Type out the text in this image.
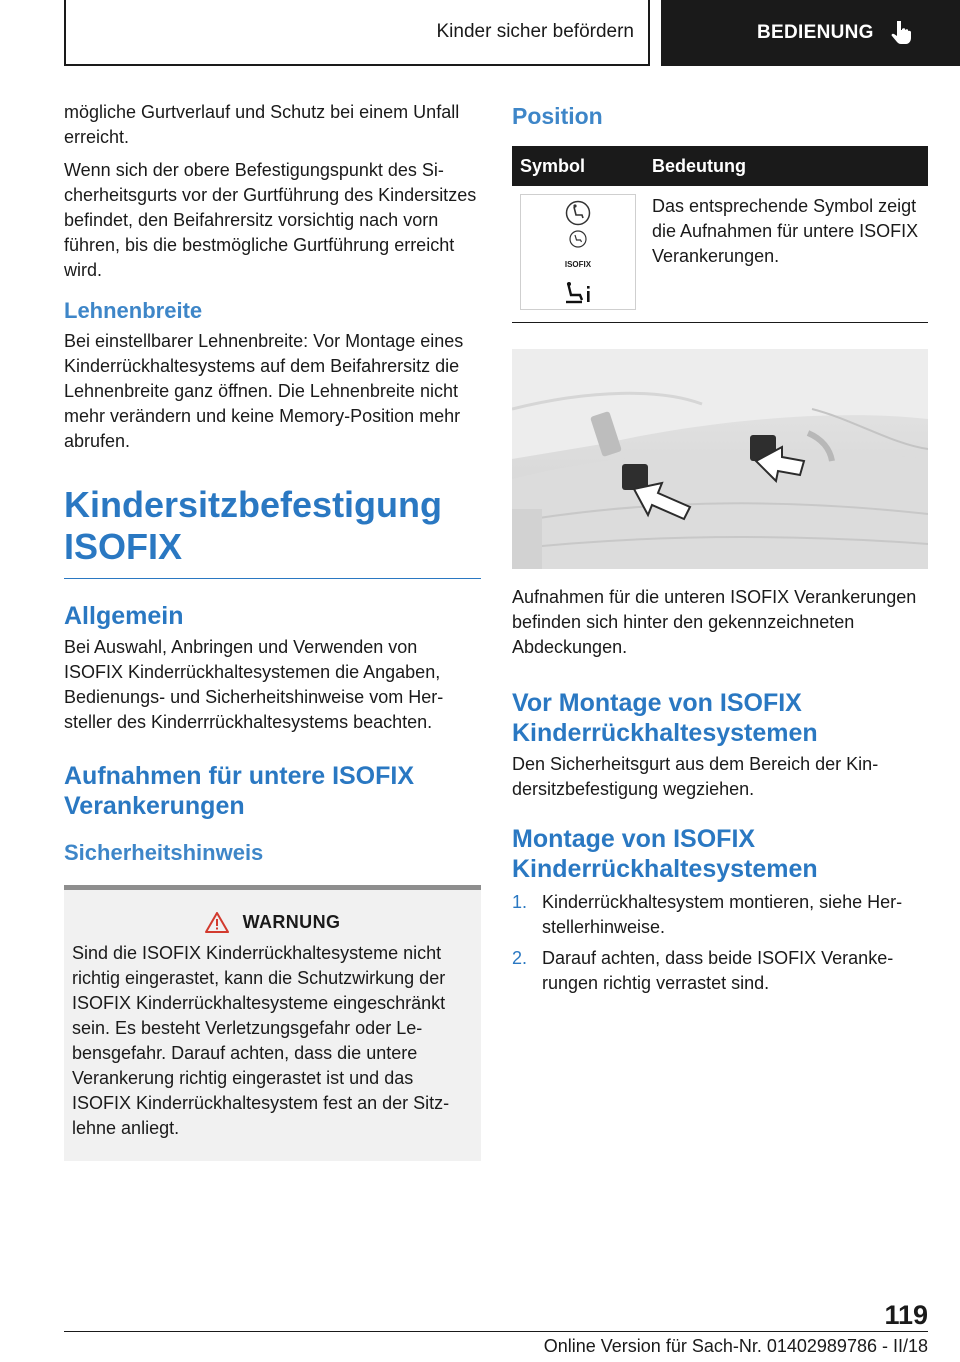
Kinder sicher befördern	BEDIENUNG

mögliche Gurtverlauf und Schutz bei einem Unfall erreicht.

Wenn sich der obere Befestigungspunkt des Sicherheitsgurts vor der Gurtführung des Kindersitzes befindet, den Beifahrersitz vorsichtig nach vorn führen, bis die bestmögliche Gurtführung erreicht wird.

Lehnenbreite

Bei einstellbarer Lehnenbreite: Vor Montage eines Kinderrückhaltesystems auf dem Beifahrersitz die Lehnenbreite ganz öffnen. Die Lehnenbreite nicht mehr verändern und keine Memory-Position mehr abrufen.

Kindersitzbefestigung ISOFIX
Allgemein

Bei Auswahl, Anbringen und Verwenden von ISOFIX Kinderrückhaltesystemen die Angaben, Bedienungs- und Sicherheitshinweise vom Hersteller des Kinderrrückhaltesystems beachten.

Aufnahmen für untere ISOFIX Verankerungen
Sicherheitshinweis
WARNUNG

Sind die ISOFIX Kinderrückhaltesysteme nicht richtig eingerastet, kann die Schutzwirkung der ISOFIX Kinderrückhaltesysteme eingeschränkt sein. Es besteht Verletzungsgefahr oder Lebensgefahr. Darauf achten, dass die untere Verankerung richtig eingerastet ist und das ISOFIX Kinderrückhaltesystem fest an der Sitzlehne anliegt.

Position
Symbol	Bedeutung

ISOFIX	Das entsprechende Symbol zeigt die Aufnahmen für untere ISOFIX Verankerungen.

Aufnahmen für die unteren ISOFIX Verankerungen befinden sich hinter den gekennzeichneten Abdeckungen.

Vor Montage von ISOFIX Kinderrückhaltesystemen

Den Sicherheitsgurt aus dem Bereich der Kindersitzbefestigung wegziehen.

Montage von ISOFIX Kinderrückhaltesystemen
1. Kinderrückhaltesystem montieren, siehe Herstellerhinweise.
2. Darauf achten, dass beide ISOFIX Verankerungen richtig verrastet sind.
119
Online Version für Sach-Nr. 01402989786 - II/18
